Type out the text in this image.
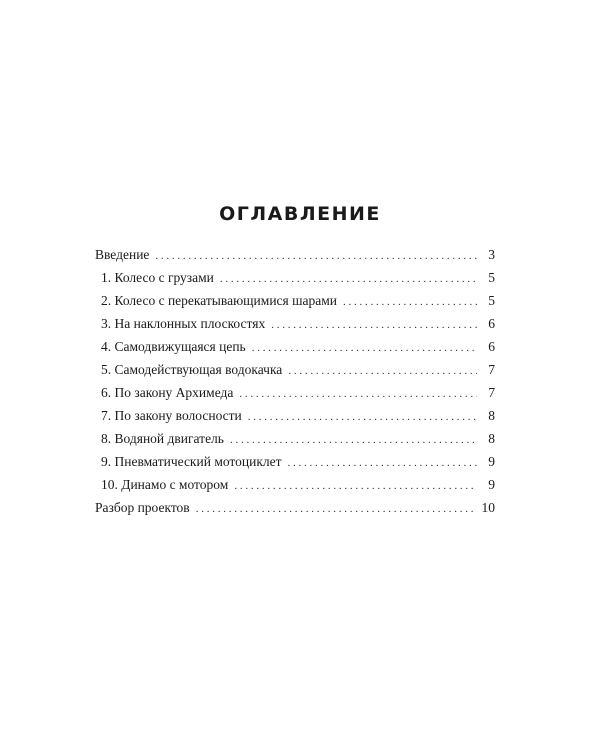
ОГЛАВЛЕНИЕ
Введение . . .	3
1. Колесо с грузами . . .	5
2. Колесо с перекатывающимися шарами . . .	5
3. На наклонных плоскостях . . .	6
4. Самодвижущаяся цепь . . .	6
5. Самодействующая водокачка . . .	7
6. По закону Архимеда . . .	7
7. По закону волосности . . .	8
8. Водяной двигатель . . .	8
9. Пневматический мотоциклет . . .	9
10. Динамо с мотором . . .	9
Разбор проектов . . .	10
